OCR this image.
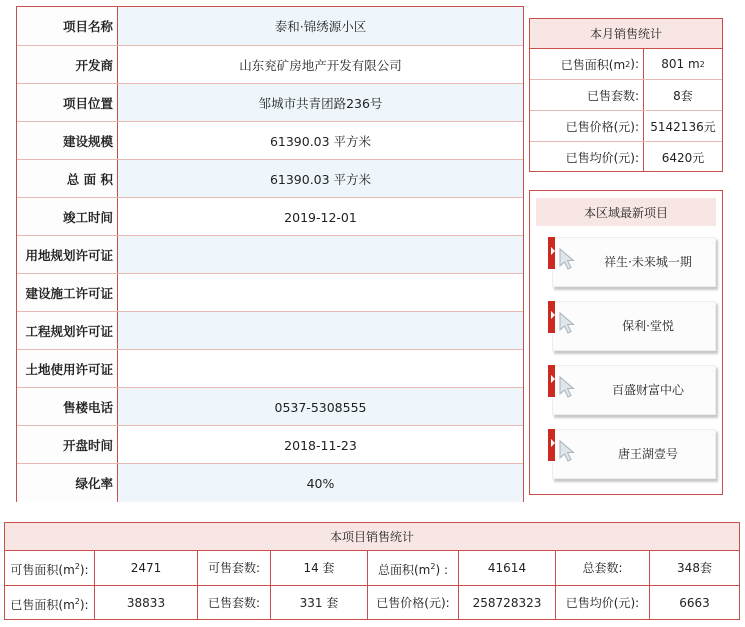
项目名称	泰和·锦绣源小区
开发商	山东兖矿房地产开发有限公司
项目位置	邹城市共青团路236号
建设规模	61390.03 平方米
总 面 积	61390.03 平方米
竣工时间	2019-12-01
用地规划许可证
建设施工许可证
工程规划许可证
土地使用许可证
售楼电话	0537-5308555
开盘时间	2018-11-23
绿化率	40%
本月销售统计
已售面积(m 2 ): 801 m 2
已售套数:	8套
已售价格(元): 5142136元
已售均价(元):	6420元
本区域最新项目
祥生·未来城一期
保利·堂悦
百盛财富中心
唐王湖壹号
本项目销售统计
可售面积$(m^2)$:	2471	可售套数:	14 套	总面积$(m^2)$ :	41614	总套数:	348套
已售面积$(m^2)$:	38833	已售套数:	331 套	已售价格(元):	258728323	已售均价(元):	6663
